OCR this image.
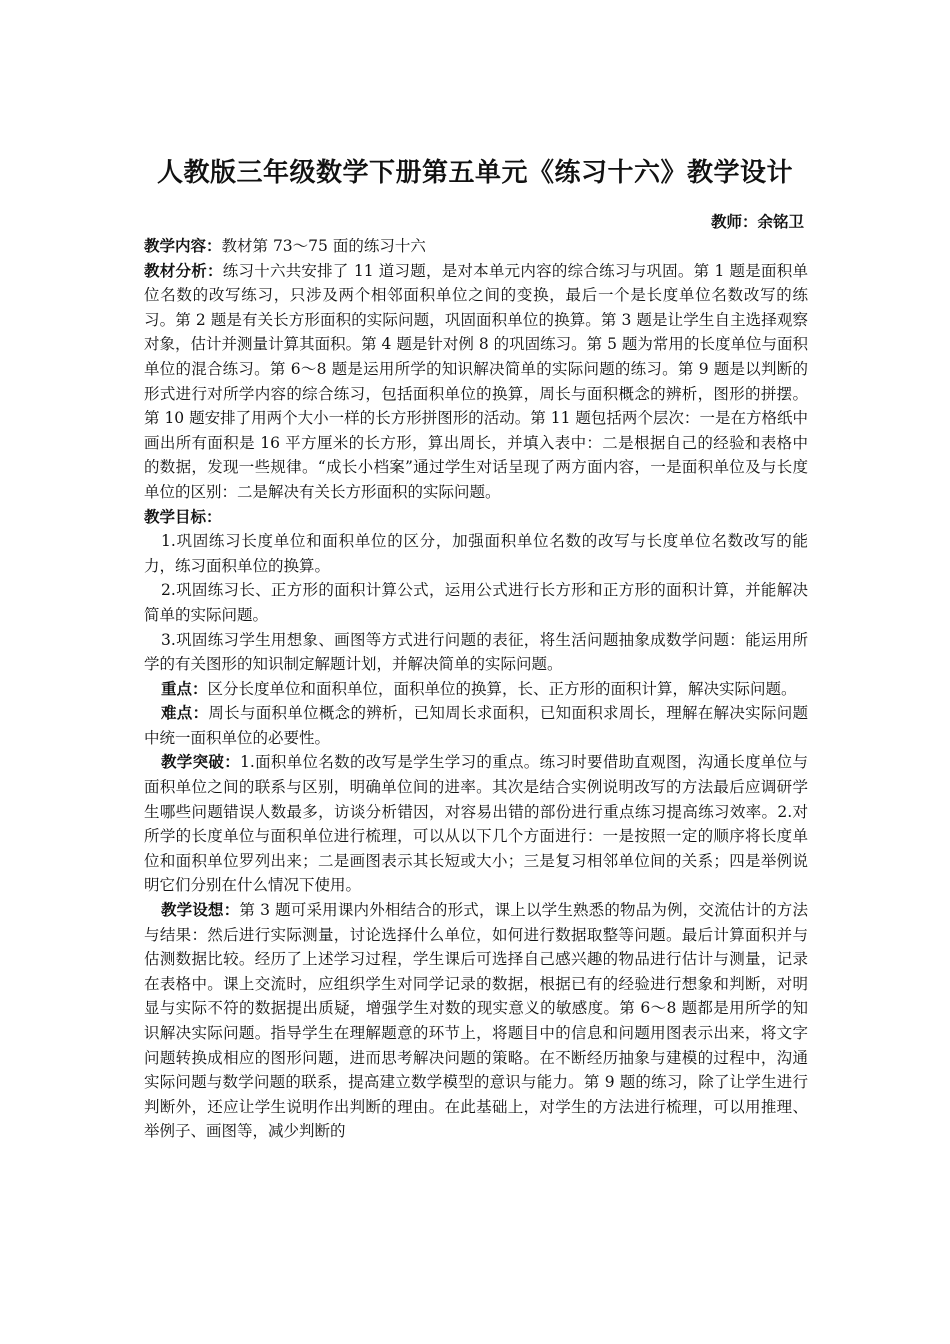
人教版三年级数学下册第五单元《练习十六》教学设计
教师：余铭卫

教学内容：教材第 73～75 面的练习十六

教材分析：练习十六共安排了 11 道习题，是对本单元内容的综合练习与巩固。第 1 题是面积单位名数的改写练习，只涉及两个相邻面积单位之间的变换，最后一个是长度单位名数改写的练习。第 2 题是有关长方形面积的实际问题，巩固面积单位的换算。第 3 题是让学生自主选择观察对象，估计并测量计算其面积。第 4 题是针对例 8 的巩固练习。第 5 题为常用的长度单位与面积单位的混合练习。第 6～8 题是运用所学的知识解决简单的实际问题的练习。第 9 题是以判断的形式进行对所学内容的综合练习，包括面积单位的换算，周长与面积概念的辨析，图形的拼摆。第 10 题安排了用两个大小一样的长方形拼图形的活动。第 11 题包括两个层次：一是在方格纸中画出所有面积是 16 平方厘米的长方形，算出周长，并填入表中：二是根据自己的经验和表格中的数据，发现一些规律。“成长小档案”通过学生对话呈现了两方面内容，一是面积单位及与长度单位的区别：二是解决有关长方形面积的实际问题。

教学目标：

1.巩固练习长度单位和面积单位的区分，加强面积单位名数的改写与长度单位名数改写的能力，练习面积单位的换算。

2.巩固练习长、正方形的面积计算公式，运用公式进行长方形和正方形的面积计算，并能解决简单的实际问题。

3.巩固练习学生用想象、画图等方式进行问题的表征，将生活问题抽象成数学问题：能运用所学的有关图形的知识制定解题计划，并解决简单的实际问题。

重点：区分长度单位和面积单位，面积单位的换算，长、正方形的面积计算，解决实际问题。

难点：周长与面积单位概念的辨析，已知周长求面积，已知面积求周长，理解在解决实际问题中统一面积单位的必要性。

教学突破：1.面积单位名数的改写是学生学习的重点。练习时要借助直观图，沟通长度单位与面积单位之间的联系与区别，明确单位间的进率。其次是结合实例说明改写的方法最后应调研学生哪些问题错误人数最多，访谈分析错因，对容易出错的部份进行重点练习提高练习效率。2.对所学的长度单位与面积单位进行梳理，可以从以下几个方面进行：一是按照一定的顺序将长度单位和面积单位罗列出来；二是画图表示其长短或大小；三是复习相邻单位间的关系；四是举例说明它们分别在什么情况下使用。

教学设想：第 3 题可采用课内外相结合的形式，课上以学生熟悉的物品为例，交流估计的方法与结果：然后进行实际测量，讨论选择什么单位，如何进行数据取整等问题。最后计算面积并与估测数据比较。经历了上述学习过程，学生课后可选择自己感兴趣的物品进行估计与测量，记录在表格中。课上交流时，应组织学生对同学记录的数据，根据已有的经验进行想象和判断，对明显与实际不符的数据提出质疑，增强学生对数的现实意义的敏感度。第 6～8 题都是用所学的知识解决实际问题。指导学生在理解题意的环节上，将题目中的信息和问题用图表示出来，将文字问题转换成相应的图形问题，进而思考解决问题的策略。在不断经历抽象与建模的过程中，沟通实际问题与数学问题的联系，提高建立数学模型的意识与能力。第 9 题的练习，除了让学生进行判断外，还应让学生说明作出判断的理由。在此基础上，对学生的方法进行梳理，可以用推理、举例子、画图等，减少判断的
